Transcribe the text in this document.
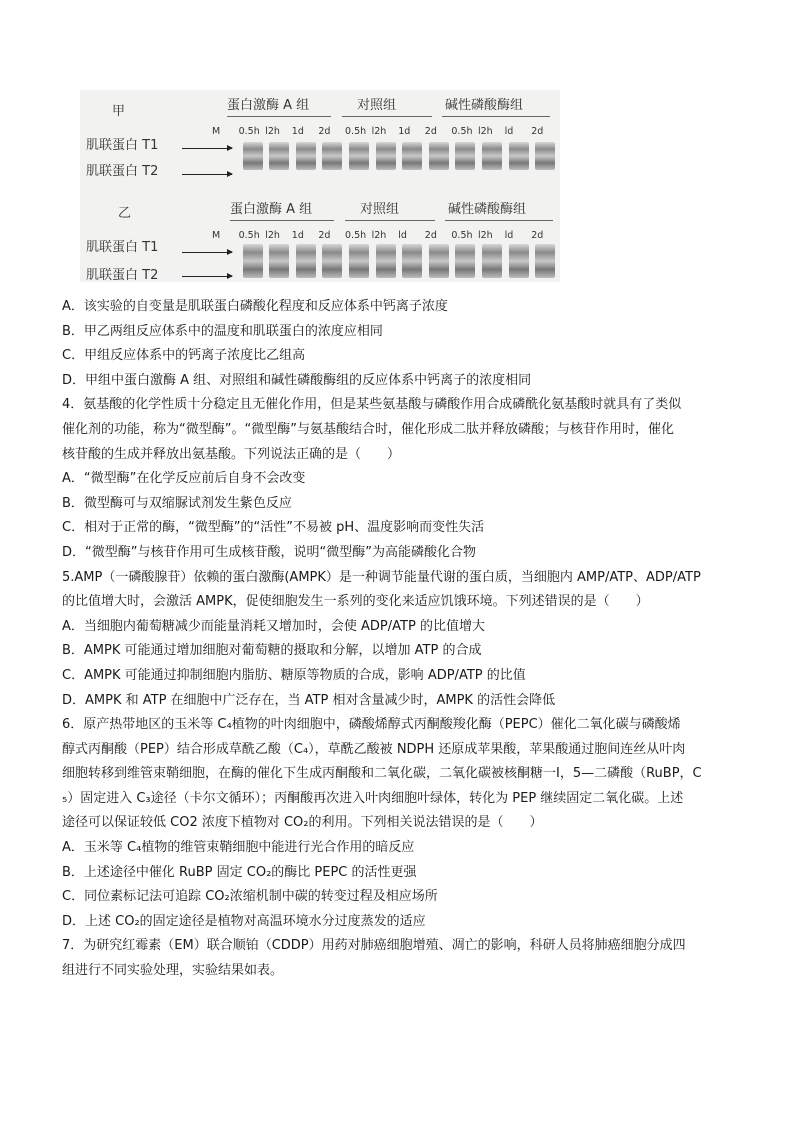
甲	蛋白激酶 A 组	对照组	碱性磷酸酶组
肌联蛋白 T1
肌联蛋白 T2
M 0.5h l2h 1d 2d 0.5h l2h 1d 2d 0.5h l2h ld 2d
乙	蛋白激酶 A 组	对照组	碱性磷酸酶组
肌联蛋白 T1
肌联蛋白 T2
M 0.5h l2h 1d 2d 0.5h l2h ld 2d 0.5h l2h ld 2d

A．该实验的自变量是肌联蛋白磷酸化程度和反应体系中钙离子浓度

B．甲乙两组反应体系中的温度和肌联蛋白的浓度应相同

C．甲组反应体系中的钙离子浓度比乙组高

D．甲组中蛋白激酶 A 组、对照组和碱性磷酸酶组的反应体系中钙离子的浓度相同

4．氨基酸的化学性质十分稳定且无催化作用，但是某些氨基酸与磷酸作用合成磷酰化氨基酸时就具有了类似

催化剂的功能，称为“微型酶”。“微型酶”与氨基酸结合时，催化形成二肽并释放磷酸；与核苷作用时，催化

核苷酸的生成并释放出氨基酸。下列说法正确的是（　　）

A．“微型酶”在化学反应前后自身不会改变

B．微型酶可与双缩脲试剂发生紫色反应

C．相对于正常的酶，“微型酶”的“活性”不易被 pH、温度影响而变性失活

D．“微型酶”与核苷作用可生成核苷酸，说明“微型酶”为高能磷酸化合物

5.AMP（一磷酸腺苷）依赖的蛋白激酶(AMPK）是一种调节能量代谢的蛋白质，当细胞内 AMP/ATP、ADP/ATP

的比值增大时，会激活 AMPK，促使细胞发生一系列的变化来适应饥饿环境。下列述错误的是（　　）

A．当细胞内葡萄糖减少而能量消耗又增加时，会使 ADP/ATP 的比值增大

B．AMPK 可能通过增加细胞对葡萄糖的摄取和分解，以增加 ATP 的合成

C．AMPK 可能通过抑制细胞内脂肪、糖原等物质的合成，影响 ADP/ATP 的比值

D．AMPK 和 ATP 在细胞中广泛存在，当 ATP 相对含量减少时，AMPK 的活性会降低

6．原产热带地区的玉米等 C₄植物的叶肉细胞中，磷酸烯醇式丙酮酸羧化酶（PEPC）催化二氧化碳与磷酸烯

醇式丙酮酸（PEP）结合形成草酰乙酸（C₄），草酰乙酸被 NDPH 还原成苹果酸，苹果酸通过胞间连丝从叶肉

细胞转移到维管束鞘细胞，在酶的催化下生成丙酮酸和二氧化碳，二氧化碳被核酮糖一I，5—二磷酸（RuBP，C

₅）固定进入 C₃途径（卡尔文循环）；丙酮酸再次进入叶肉细胞叶绿体，转化为 PEP 继续固定二氧化碳。上述

途径可以保证较低 CO2 浓度下植物对 CO₂的利用。下列相关说法错误的是（　　）

A．玉米等 C₄植物的维管束鞘细胞中能进行光合作用的暗反应

B．上述途径中催化 RuBP 固定 CO₂的酶比 PEPC 的活性更强

C．同位素标记法可追踪 CO₂浓缩机制中碳的转变过程及相应场所

D．上述 CO₂的固定途径是植物对高温环境水分过度蒸发的适应

7．为研究红霉素（EM）联合顺铂（CDDP）用药对肺癌细胞增殖、凋亡的影响，科研人员将肺癌细胞分成四

组进行不同实验处理，实验结果如表。
